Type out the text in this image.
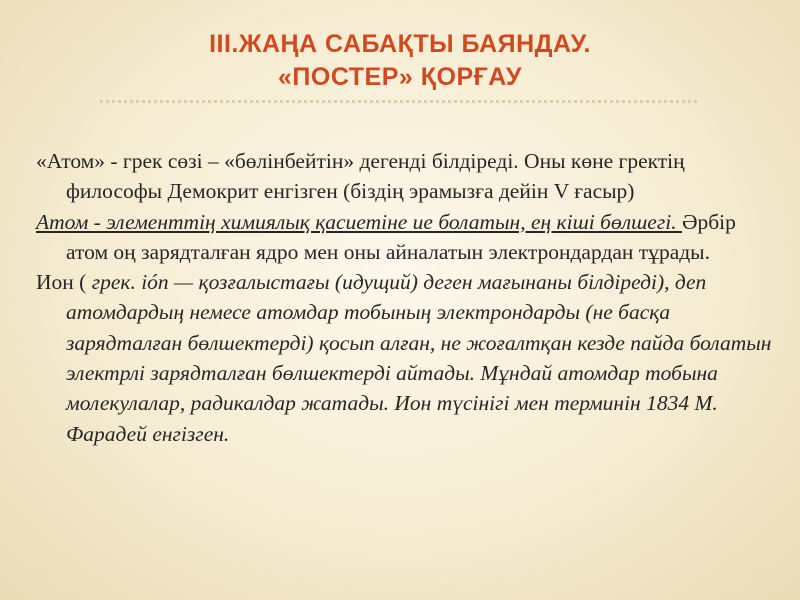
III.ЖАҢА САБАҚТЫ БАЯНДАУ.
«ПОСТЕР» ҚОРҒАУ
«Атом» - грек сөзі – «бөлінбейтін» дегенді білдіреді. Оны көне гректің философы Демокрит енгізген (біздің эрамызға дейін V ғасыр)
Атом - элементтің химиялық қасиетіне ие болатын, ең кіші бөлшегі. Әрбір атом оң зарядталған ядро мен оны айналатын электрондардан тұрады.
Ион ( грек. ión — қозғалыстағы (идущий) деген мағынаны білдіреді), деп атомдардың немесе атомдар тобының электрондарды (не басқа зарядталған бөлшектерді) қосып алған, не жоғалтқан кезде пайда болатын электрлі зарядталған бөлшектерді айтады. Мұндай атомдар тобына молекулалар, радикалдар жатады. Ион түсінігі мен терминін 1834 М. Фарадей енгізген.
